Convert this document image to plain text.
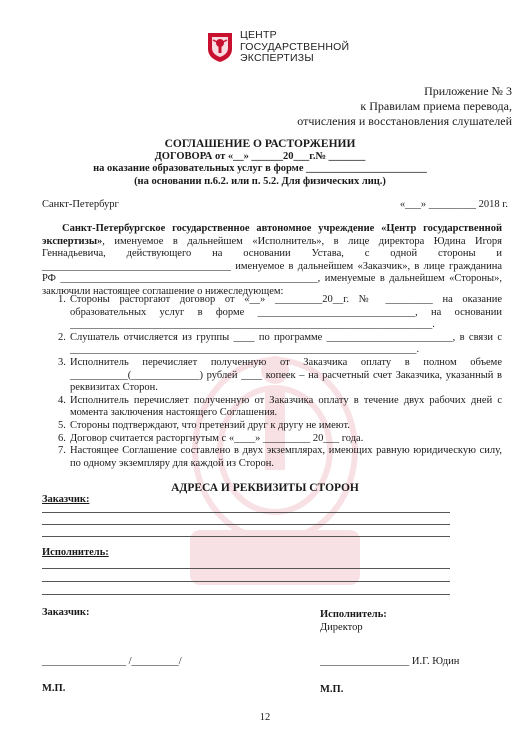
ЦЕНТР
ГОСУДАРСТВЕННОЙ
ЭКСПЕРТИЗЫ
Приложение № 3
к Правилам приема перевода,
отчисления и восстановления слушателей
СОГЛАШЕНИЕ О РАСТОРЖЕНИИ
ДОГОВОРА от «__» ______20___г.№ _______
на оказание образовательных услуг в форме _______________________
(на основании п.6.2. или п. 5.2. Для физических лиц.)
Санкт-Петербург	«___» _________ 2018 г.

Санкт-Петербургское государственное автономное учреждение «Центр государственной экспертизы», именуемое в дальнейшем «Исполнитель», в лице директора Юдина Игоря Геннадьевича, действующего на основании Устава, с одной стороны и ____________________________________ именуемое в дальнейшем «Заказчик», в лице гражданина РФ _________________________________________________, именуемые в дальнейшем «Стороны», заключили настоящее соглашение о нижеследующем:

1. Стороны расторгают договор от «__» _________20__г. № _________ на оказание образовательных услуг в форме ______________________________, на основании _____________________________________________________________________.
2. Слушатель отчисляется из группы ____ по программе ________________________, в связи с __________________________________________________________________.
3. Исполнитель перечисляет полученную от Заказчика оплату в полном объеме ___________(_____________) рублей ____ копеек – на расчетный счет Заказчика, указанный в реквизитах Сторон.
4. Исполнитель перечисляет полученную от Заказчика оплату в течение двух рабочих дней с момента заключения настоящего Соглашения.
5. Стороны подтверждают, что претензий друг к другу не имеют.
6. Договор считается расторгнутым с «____» _________ 20___ года.
7. Настоящее Соглашение составлено в двух экземплярах, имеющих равную юридическую силу, по одному экземпляру для каждой из Сторон.
АДРЕСА И РЕКВИЗИТЫ СТОРОН
Заказчик:
Исполнитель:
Заказчик:	Исполнитель:
Директор
________________ /_________/	_________________ И.Г. Юдин
М.П.	М.П.
12
